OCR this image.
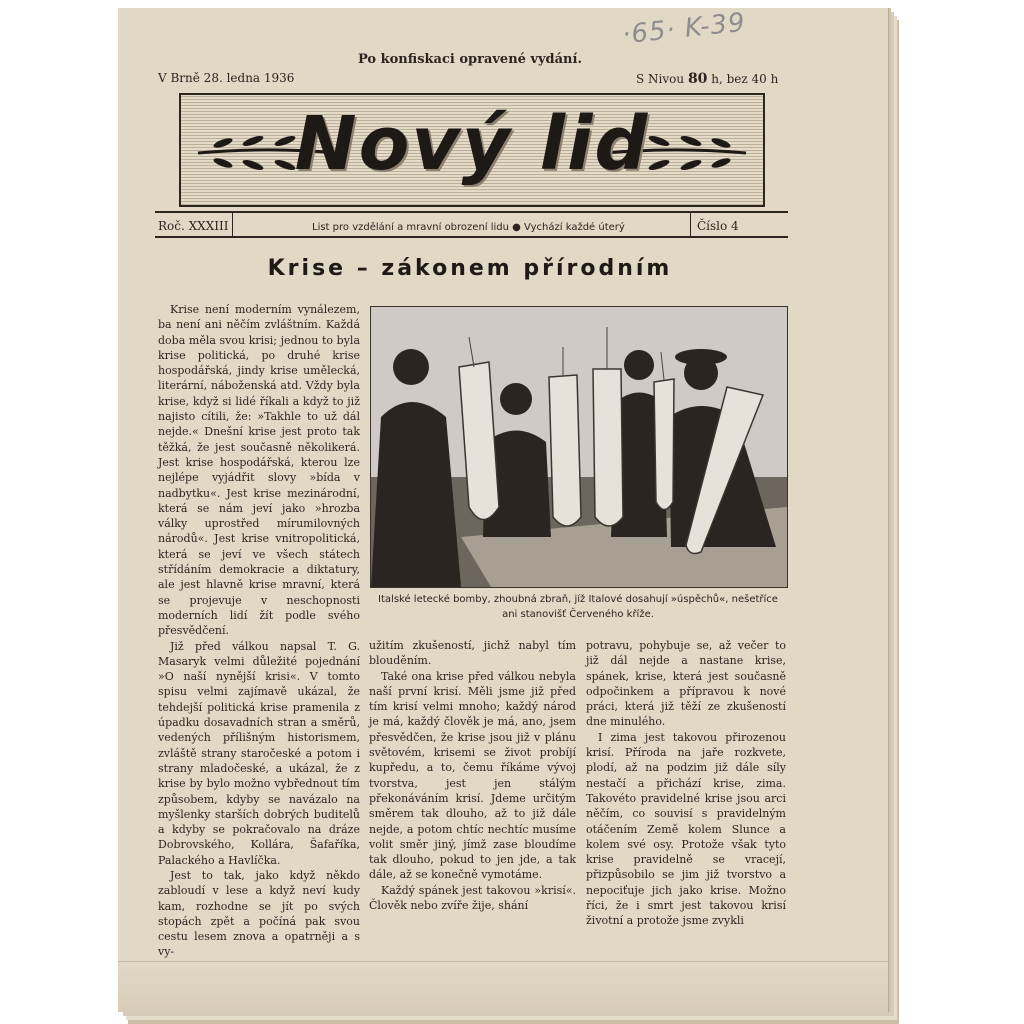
·65· K-39
Po konfiskaci opravené vydání.
V Brně 28. ledna 1936	S Nivou 80 h, bez 40 h
Nový lid
Roč. XXXIII	List pro vzdělání a mravní obrození lidu ● Vychází každé úterý	Číslo 4
Krise – zákonem přírodním

Krise není moderním vynálezem, ba není ani něčím zvláštním. Každá doba měla svou krisi; jednou to byla krise politická, po druhé krise hospodářská, jindy krise umělecká, literární, náboženská atd. Vždy byla krise, když si lidé říkali a když to již najisto cítili, že: »Takhle to už dál nejde.« Dnešní krise jest proto tak těžká, že jest současně několikerá. Jest krise hospodářská, kterou lze nejlépe vyjádřit slovy »bída v nadbytku«. Jest krise mezinárodní, která se nám jeví jako »hrozba války uprostřed mírumilovných národů«. Jest krise vnitropolitická, která se jeví ve všech státech střídáním demokracie a diktatury, ale jest hlavně krise mravní, která se projevuje v neschopnosti moderních lidí žít podle svého přesvědčení.

Již před válkou napsal T. G. Masaryk velmi důležité pojednání »O naší nynější krisi«. V tomto spisu velmi zajímavě ukázal, že tehdejší politická krise pramenila z úpadku dosavadních stran a směrů, vedených přílišným historismem, zvláště strany staročeské a potom i strany mladočeské, a ukázal, že z krise by bylo možno vybřednout tím způsobem, kdyby se navázalo na myšlenky starších dobrých buditelů a kdyby se pokračovalo na dráze Dobrovského, Kollára, Šafaříka, Palackého a Havlíčka.

Jest to tak, jako když někdo zabloudí v lese a když neví kudy kam, rozhodne se jít po svých stopách zpět a počíná pak svou cestu lesem znova a opatrněji a s vy-

Italské letecké bomby, zhoubná zbraň, jíž Italové dosahují »úspěchů«, nešetříce ani stanovišť Červeného kříže.

užitím zkušeností, jichž nabyl tím blouděním.

Také ona krise před válkou nebyla naší první krisí. Měli jsme již před tím krisí velmi mnoho; každý národ je má, každý člověk je má, ano, jsem přesvědčen, že krise jsou již v plánu světovém, krisemi se život probíjí kupředu, a to, čemu říkáme vývoj tvorstva, jest jen stálým překonáváním krisí. Jdeme určitým směrem tak dlouho, až to již dále nejde, a potom chtíc nechtíc musíme volit směr jiný, jímž zase bloudíme tak dlouho, pokud to jen jde, a tak dále, až se konečně vymotáme.

Každý spánek jest takovou »krisí«. Člověk nebo zvíře žije, shání

potravu, pohybuje se, až večer to již dál nejde a nastane krise, spánek, krise, která jest současně odpočinkem a přípravou k nové práci, která již těží ze zkušeností dne minulého.

I zima jest takovou přirozenou krisí. Příroda na jaře rozkvete, plodí, až na podzim již dále síly nestačí a přichází krise, zima. Takovéto pravidelné krise jsou arci něčím, co souvisí s pravidelným otáčením Země kolem Slunce a kolem své osy. Protože však tyto krise pravidelně se vracejí, přizpůsobilo se jim již tvorstvo a nepociťuje jich jako krise. Možno říci, že i smrt jest takovou krisí životní a protože jsme zvykli
